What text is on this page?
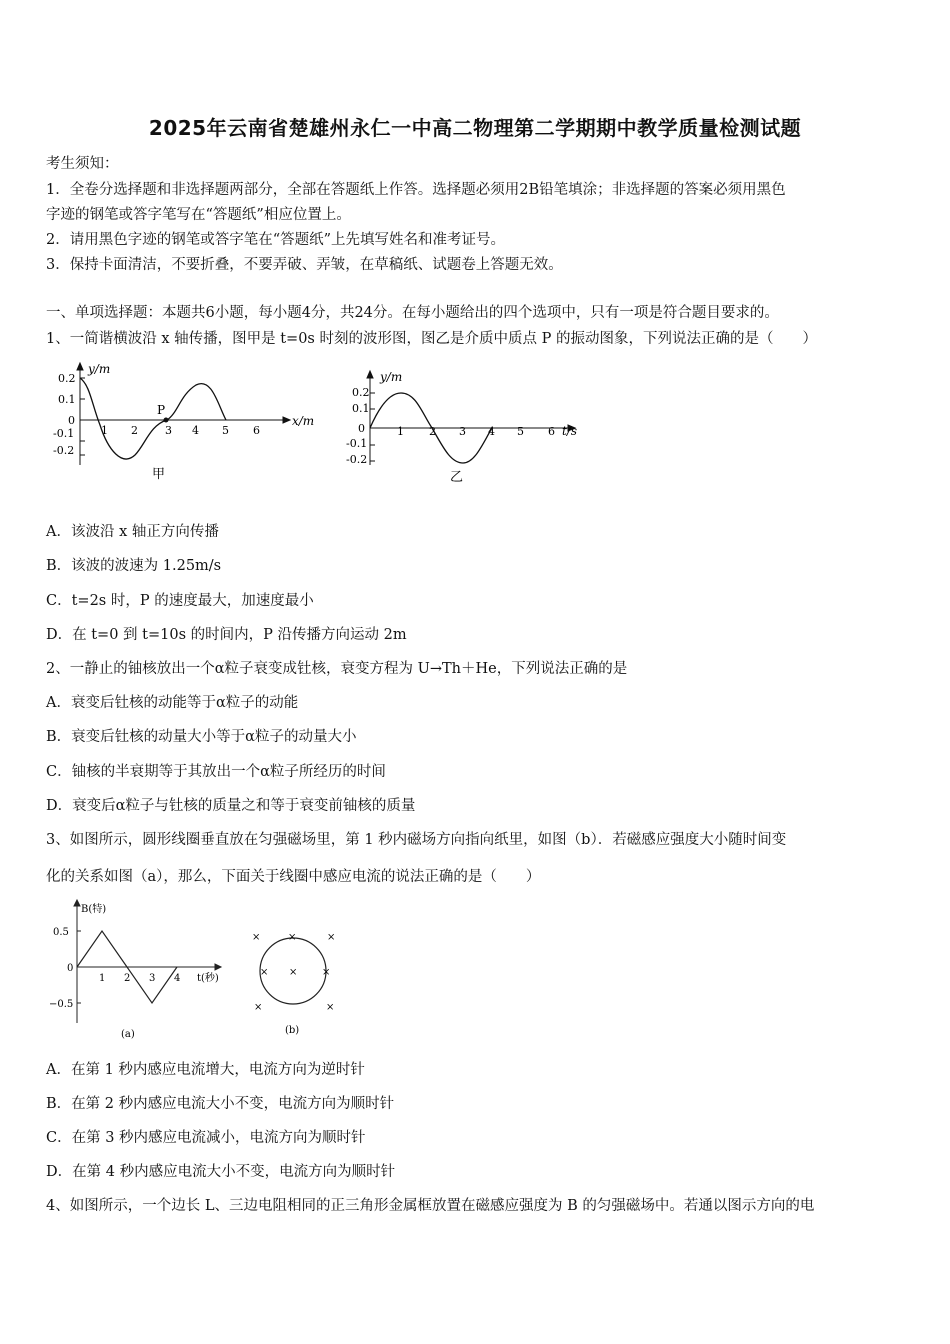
2025年云南省楚雄州永仁一中高二物理第二学期期中教学质量检测试题
考生须知：
1．全卷分选择题和非选择题两部分，全部在答题纸上作答。选择题必须用2B铅笔填涂；非选择题的答案必须用黑色
字迹的钢笔或答字笔写在“答题纸”相应位置上。
2．请用黑色字迹的钢笔或答字笔在“答题纸”上先填写姓名和准考证号。
3．保持卡面清洁，不要折叠，不要弄破、弄皱，在草稿纸、试题卷上答题无效。
一、单项选择题：本题共6小题，每小题4分，共24分。在每小题给出的四个选项中，只有一项是符合题目要求的。
1、一简谐横波沿 x 轴传播，图甲是 t=0s 时刻的波形图，图乙是介质中质点 P 的振动图象，下列说法正确的是（　　）
y/m
x/m
0.2
0.1
0
-0.1
-0.2
1 2 3 4 5 6
P
甲
y/m
t/s
0.2
0.1
0
-0.1
-0.2
1 2 3 4 5 6
乙
A．该波沿 x 轴正方向传播
B．该波的波速为 1.25m/s
C．t=2s 时，P 的速度最大，加速度最小
D．在 t=0 到 t=10s 的时间内，P 沿传播方向运动 2m
2、一静止的铀核放出一个α粒子衰变成钍核，衰变方程为 U→Th＋He，下列说法正确的是
A．衰变后钍核的动能等于α粒子的动能
B．衰变后钍核的动量大小等于α粒子的动量大小
C．铀核的半衰期等于其放出一个α粒子所经历的时间
D．衰变后α粒子与钍核的质量之和等于衰变前铀核的质量
3、如图所示，圆形线圈垂直放在匀强磁场里，第 1 秒内磁场方向指向纸里，如图（b）．若磁感应强度大小随时间变
化的关系如图（a），那么，下面关于线圈中感应电流的说法正确的是（　　）
B(特)
t(秒)
0.5
0
−0.5
1 2 3 4
(a)
×	×	×
× × ×
×	×
(b)
A．在第 1 秒内感应电流增大，电流方向为逆时针
B．在第 2 秒内感应电流大小不变，电流方向为顺时针
C．在第 3 秒内感应电流减小，电流方向为顺时针
D．在第 4 秒内感应电流大小不变，电流方向为顺时针
4、如图所示，一个边长 L、三边电阻相同的正三角形金属框放置在磁感应强度为 B 的匀强磁场中。若通以图示方向的电
